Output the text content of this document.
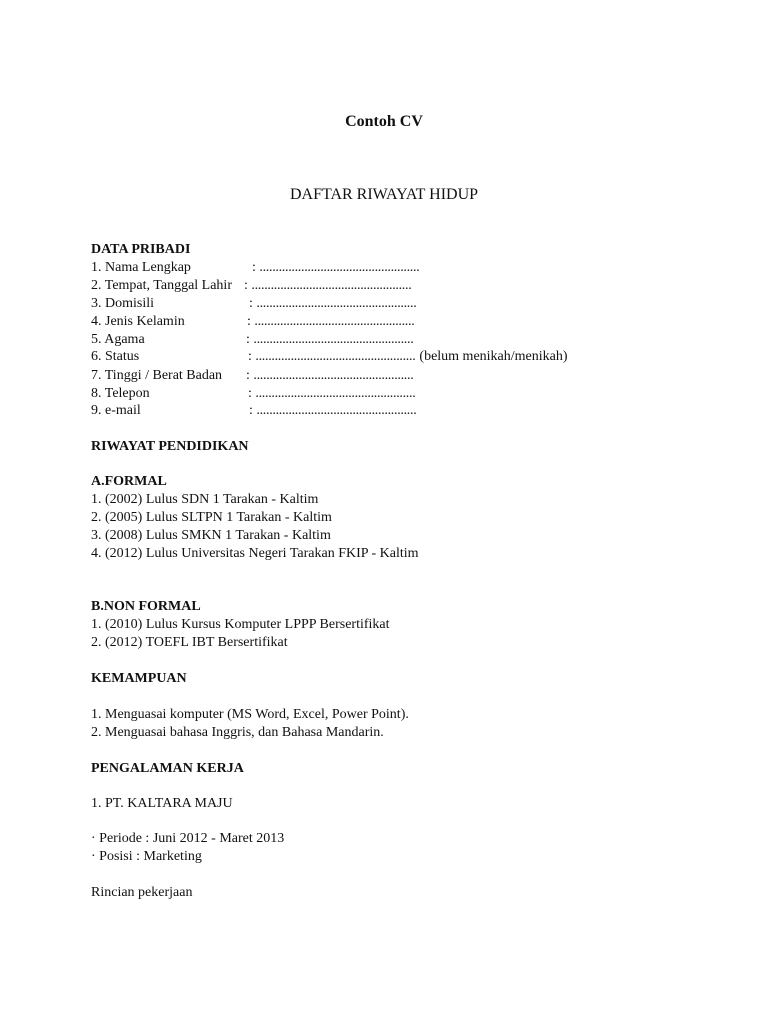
Contoh CV
DAFTAR RIWAYAT HIDUP
DATA PRIBADI
1. Nama Lengkap	: ..................................................
2. Tempat, Tanggal Lahir : ..................................................
3. Domisili	: ..................................................
4. Jenis Kelamin	: ..................................................
5. Agama	: ..................................................
6. Status	: .................................................. (belum menikah/menikah)
7. Tinggi / Berat Badan : ..................................................
8. Telepon	: ..................................................
9. e-mail	: ..................................................
RIWAYAT PENDIDIKAN
A.FORMAL
1. (2002) Lulus SDN 1 Tarakan - Kaltim
2. (2005) Lulus SLTPN 1 Tarakan - Kaltim
3. (2008) Lulus SMKN 1 Tarakan - Kaltim
4. (2012) Lulus Universitas Negeri Tarakan FKIP - Kaltim
B.NON FORMAL
1. (2010) Lulus Kursus Komputer LPPP Bersertifikat
2. (2012) TOEFL IBT Bersertifikat
KEMAMPUAN
1. Menguasai komputer (MS Word, Excel, Power Point).
2. Menguasai bahasa Inggris, dan Bahasa Mandarin.
PENGALAMAN KERJA
1. PT. KALTARA MAJU
· Periode : Juni 2012 - Maret 2013
· Posisi : Marketing
Rincian pekerjaan
